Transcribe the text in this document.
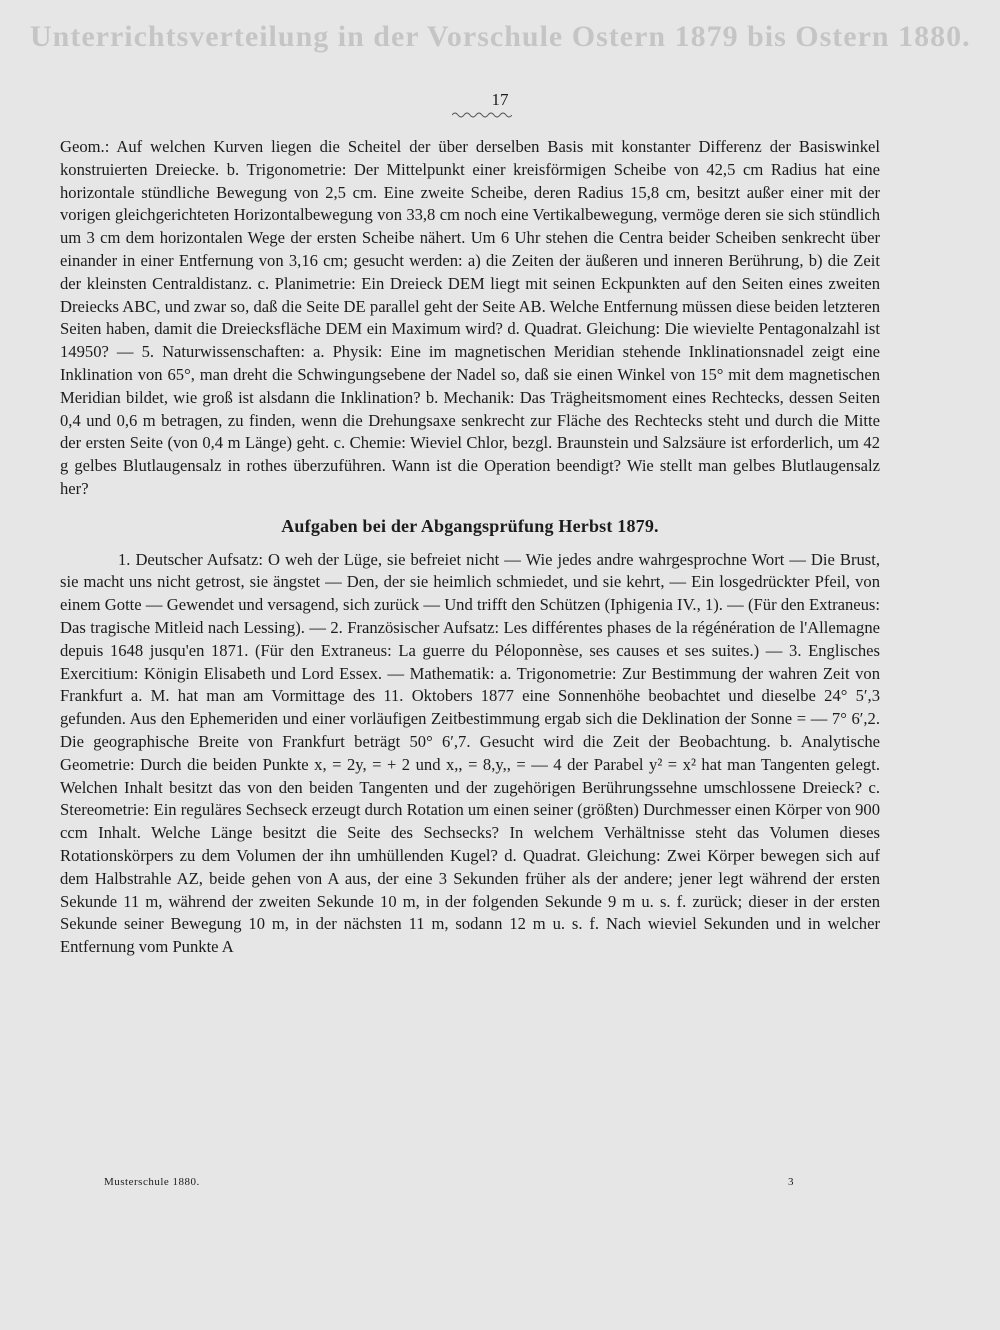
Unterrichtsverteilung in der Vorschule Ostern 1879 bis Ostern 1880.
17

Geom.: Auf welchen Kurven liegen die Scheitel der über derselben Basis mit konstanter Differenz der Basiswinkel konstruierten Dreiecke. b. Trigonometrie: Der Mittelpunkt einer kreisförmigen Scheibe von 42,5 cm Radius hat eine horizontale stündliche Bewegung von 2,5 cm. Eine zweite Scheibe, deren Radius 15,8 cm, besitzt außer einer mit der vorigen gleichgerichteten Horizontalbewegung von 33,8 cm noch eine Vertikalbewegung, vermöge deren sie sich stündlich um 3 cm dem horizontalen Wege der ersten Scheibe nähert. Um 6 Uhr stehen die Centra beider Scheiben senkrecht über einander in einer Entfernung von 3,16 cm; gesucht werden: a) die Zeiten der äußeren und inneren Berührung, b) die Zeit der kleinsten Centraldistanz. c. Planimetrie: Ein Dreieck DEM liegt mit seinen Eckpunkten auf den Seiten eines zweiten Dreiecks ABC, und zwar so, daß die Seite DE parallel geht der Seite AB. Welche Entfernung müssen diese beiden letzteren Seiten haben, damit die Dreiecksfläche DEM ein Maximum wird? d. Quadrat. Gleichung: Die wievielte Pentagonalzahl ist 14950? — 5. Naturwissenschaften: a. Physik: Eine im magnetischen Meridian stehende Inklinationsnadel zeigt eine Inklination von 65°, man dreht die Schwingungsebene der Nadel so, daß sie einen Winkel von 15° mit dem magnetischen Meridian bildet, wie groß ist alsdann die Inklination? b. Mechanik: Das Trägheitsmoment eines Rechtecks, dessen Seiten 0,4 und 0,6 m betragen, zu finden, wenn die Drehungsaxe senkrecht zur Fläche des Rechtecks steht und durch die Mitte der ersten Seite (von 0,4 m Länge) geht. c. Chemie: Wieviel Chlor, bezgl. Braunstein und Salzsäure ist erforderlich, um 42 g gelbes Blutlaugensalz in rothes überzuführen. Wann ist die Operation beendigt? Wie stellt man gelbes Blutlaugensalz her?

Aufgaben bei der Abgangsprüfung Herbst 1879.

1. Deutscher Aufsatz: O weh der Lüge, sie befreiet nicht — Wie jedes andre wahrgesprochne Wort — Die Brust, sie macht uns nicht getrost, sie ängstet — Den, der sie heimlich schmiedet, und sie kehrt, — Ein losgedrückter Pfeil, von einem Gotte — Gewendet und versagend, sich zurück — Und trifft den Schützen (Iphigenia IV., 1). — (Für den Extraneus: Das tragische Mitleid nach Lessing). — 2. Französischer Aufsatz: Les différentes phases de la régénération de l'Allemagne depuis 1648 jusqu'en 1871. (Für den Extraneus: La guerre du Péloponnèse, ses causes et ses suites.) — 3. Englisches Exercitium: Königin Elisabeth und Lord Essex. — Mathematik: a. Trigonometrie: Zur Bestimmung der wahren Zeit von Frankfurt a. M. hat man am Vormittage des 11. Oktobers 1877 eine Sonnenhöhe beobachtet und dieselbe 24° 5′,3 gefunden. Aus den Ephemeriden und einer vorläufigen Zeitbestimmung ergab sich die Deklination der Sonne = — 7° 6′,2. Die geographische Breite von Frankfurt beträgt 50° 6′,7. Gesucht wird die Zeit der Beobachtung. b. Analytische Geometrie: Durch die beiden Punkte x, = 2y, = + 2 und x,, = 8,y,, = — 4 der Parabel y² = x² hat man Tangenten gelegt. Welchen Inhalt besitzt das von den beiden Tangenten und der zugehörigen Berührungssehne umschlossene Dreieck? c. Stereometrie: Ein reguläres Sechseck erzeugt durch Rotation um einen seiner (größten) Durchmesser einen Körper von 900 ccm Inhalt. Welche Länge besitzt die Seite des Sechsecks? In welchem Verhältnisse steht das Volumen dieses Rotationskörpers zu dem Volumen der ihn umhüllenden Kugel? d. Quadrat. Gleichung: Zwei Körper bewegen sich auf dem Halbstrahle AZ, beide gehen von A aus, der eine 3 Sekunden früher als der andere; jener legt während der ersten Sekunde 11 m, während der zweiten Sekunde 10 m, in der folgenden Sekunde 9 m u. s. f. zurück; dieser in der ersten Sekunde seiner Bewegung 10 m, in der nächsten 11 m, sodann 12 m u. s. f. Nach wieviel Sekunden und in welcher Entfernung vom Punkte A

Musterschule 1880.	3
